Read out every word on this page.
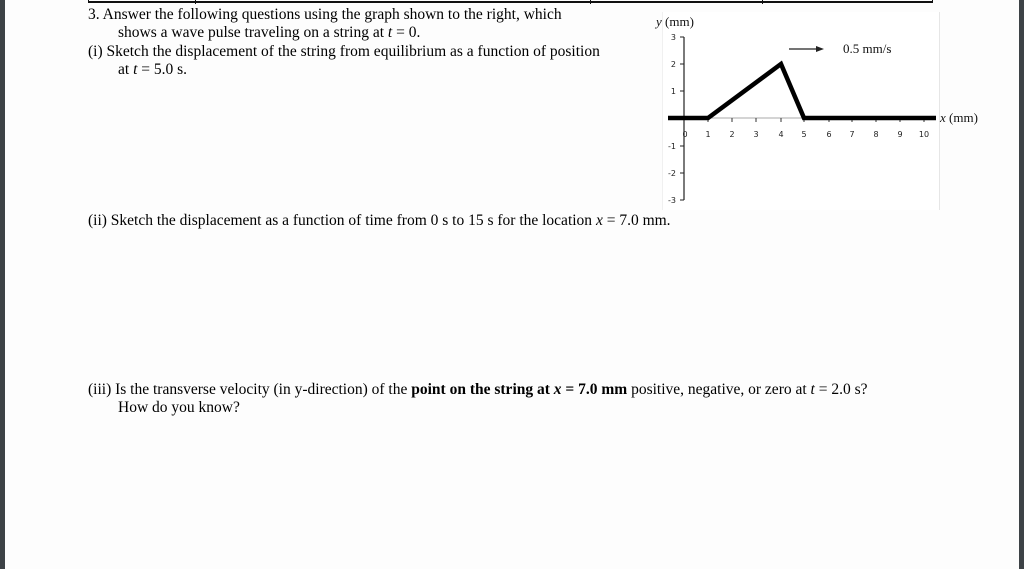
3. Answer the following questions using the graph shown to the right, which
shows a wave pulse traveling on a string at t = 0.
(i) Sketch the displacement of the string from equilibrium as a function of position
at t = 5.0 s.
y (mm)
3
2
1
-1
-2
-3
0 1 2 3 4 5 6 7 8 9 10
0.5 mm/s
x (mm)
(ii) Sketch the displacement as a function of time from 0 s to 15 s for the location x = 7.0 mm.
(iii) Is the transverse velocity (in y-direction) of the point on the string at x = 7.0 mm positive, negative, or zero at t = 2.0 s?
How do you know?
